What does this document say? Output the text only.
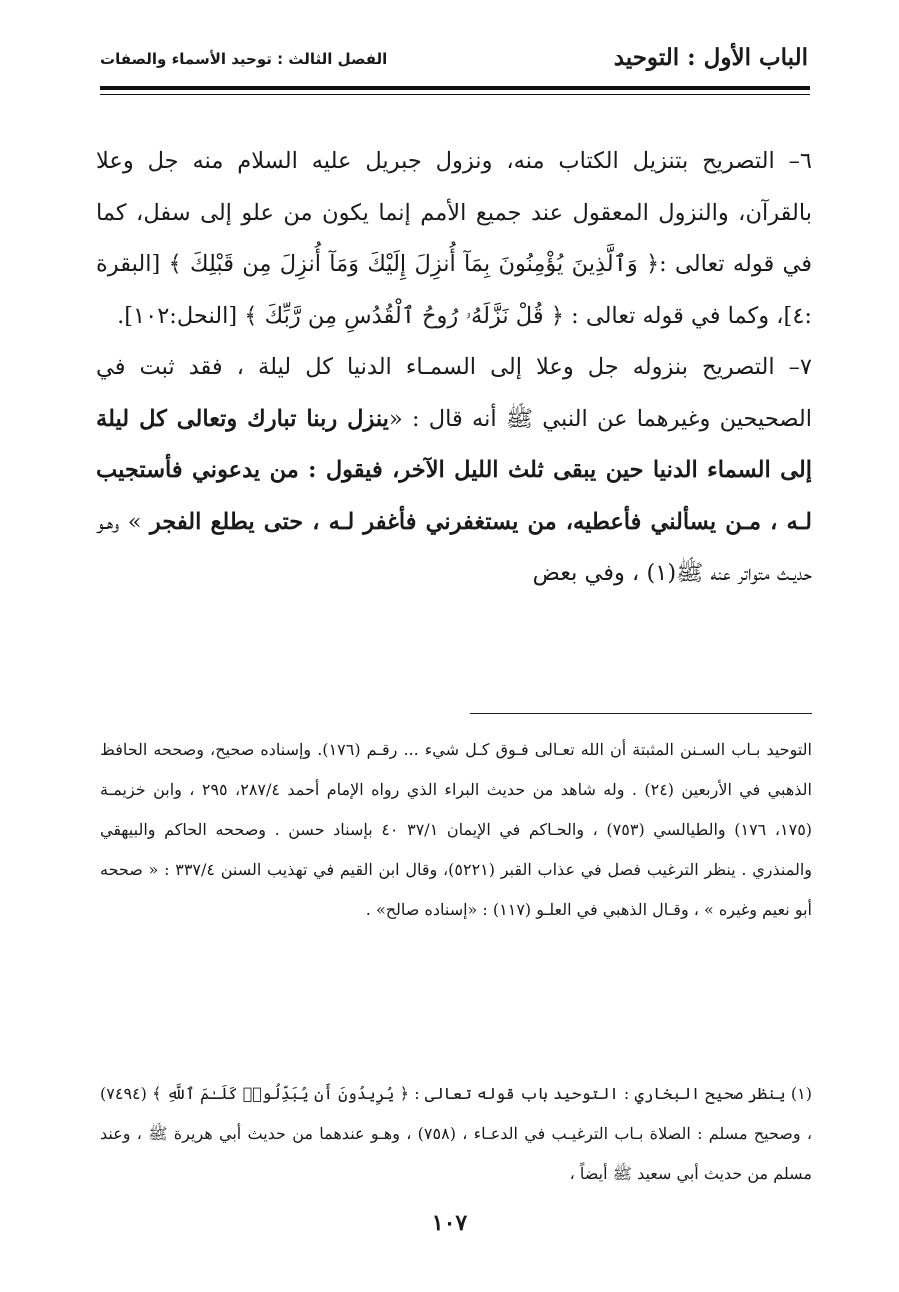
الباب الأول : التوحيد
الفصل الثالث : توحيد الأسماء والصفات

٦– التصريح بتنزيل الكتاب منه، ونزول جبريل عليه السلام منه جل وعلا بالقرآن، والنزول المعقول عند جميع الأمم إنما يكون من علو إلى سفل، كما في قوله تعالى :﴿ وَٱلَّذِينَ يُؤْمِنُونَ بِمَآ أُنزِلَ إِلَيْكَ وَمَآ أُنزِلَ مِن قَبْلِكَ ﴾ [البقرة :٤]، وكما في قوله تعالى : ﴿ قُلْ نَزَّلَهُۥ رُوحُ ٱلْقُدُسِ مِن رَّبِّكَ ﴾ [النحل:١٠٢].

٧– التصريح بنزوله جل وعلا إلى السمـاء الدنيا كل ليلة ، فقد ثبت في الصحيحين وغيرهما عن النبي ﷺ أنه قال : «ينزل ربنا تبارك وتعالى كل ليلة إلى السماء الدنيا حين يبقى ثلث الليل الآخر، فيقول : من يدعوني فأستجيب لـه ، مـن يسألني فأعطيه، من يستغفرني فأغفر لـه ، حتى يطلع الفجر » وهـو حديـث متواتر عنه ﷺ(١) ، وفي بعض

التوحيد بـاب السـنن المثبتة أن الله تعـالى فـوق كـل شيء ... رقـم (١٧٦). وإسناده صحيح، وصححه الحافظ الذهبي في الأربعين (٢٤) . وله شاهد من حديث البراء الذي رواه الإمام أحمد ٢٨٧/٤، ٢٩٥ ، وابن خزيمـة (١٧٥، ١٧٦) والطيالسي (٧٥٣) ، والحـاكم في الإيمان ٣٧/١ ٤٠ بإسناد حسن . وصححه الحاكم والبيهقي والمنذري . ينظر الترغيب فصل في عذاب القبر (٥٢٢١)، وقال ابن القيم في تهذيب السنن ٣٣٧/٤ : « صححه أبو نعيم وغيره » ، وقـال الذهبي في العلـو (١١٧) : «إسناده صالح» .

(١) ينظر صحيح البخاري : التوحيد باب قوله تعالى : ﴿ يُرِيدُونَ أَن يُبَدِّلُوا۟ كَلَـٰمَ ٱللَّهِ ﴾ (٧٤٩٤) ، وصحيح مسلم : الصلاة بـاب الترغيـب في الدعـاء ، (٧٥٨) ، وهـو عندهما من حديث أبي هريرة ﷺ ، وعند مسلم من حديث أبي سعيد ﷺ أيضاً ،

١٠٧
